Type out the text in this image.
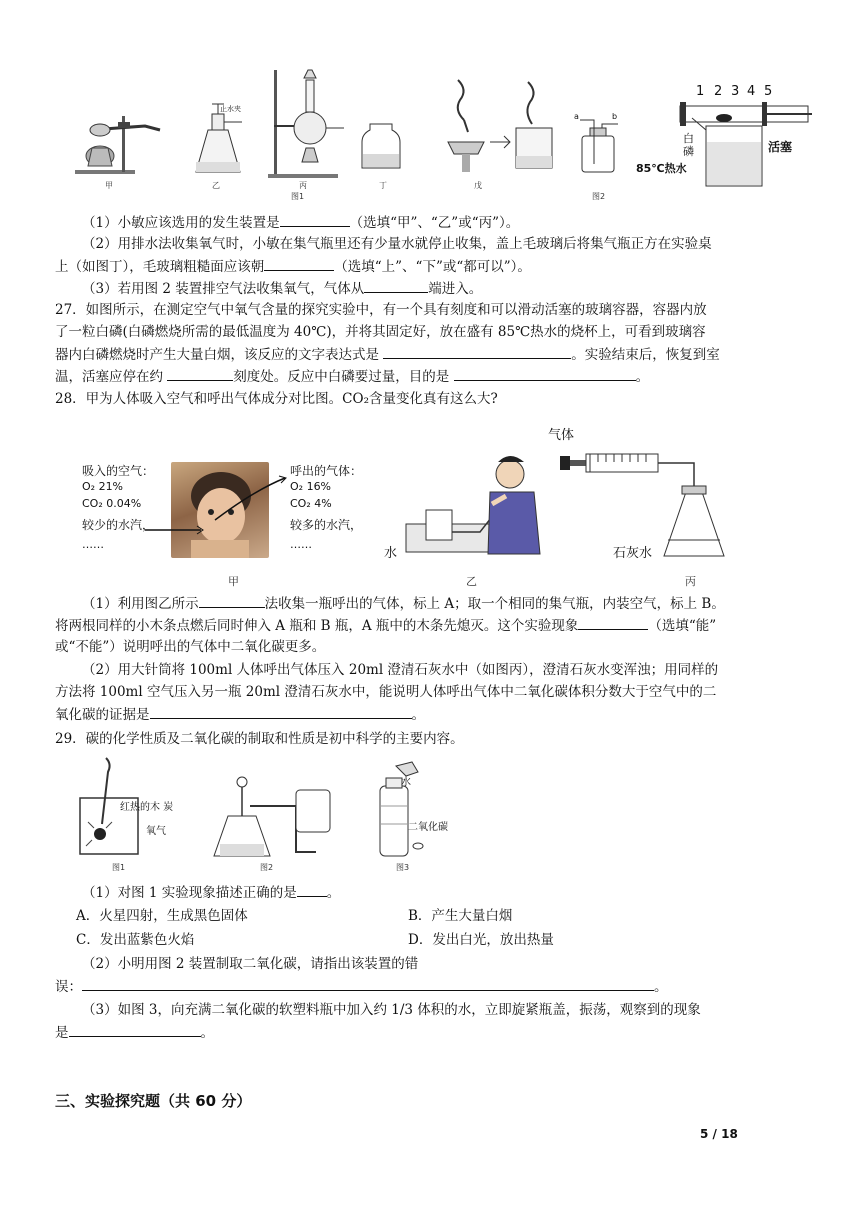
甲
止水夹
乙	丙
图1
丁	戊
a	b
图2
1 2 3 4 5
白
磷	活塞
85℃热水
（1）小敏应该选用的发生装置是	（选填“甲”、“乙”或“丙”）。
（2）用排水法收集氧气时，小敏在集气瓶里还有少量水就停止收集，盖上毛玻璃后将集气瓶正方在实验桌
上（如图丁），毛玻璃粗糙面应该朝	（选填“上”、“下”或“都可以”）。
（3）若用图 2 装置排空气法收集氧气，气体从	端进入。
27．如图所示，在测定空气中氧气含量的探究实验中，有一个具有刻度和可以滑动活塞的玻璃容器，容器内放
了一粒白磷(白磷燃烧所需的最低温度为 40℃)，并将其固定好，放在盛有 85℃热水的烧杯上，可看到玻璃容
器内白磷燃烧时产生大量白烟，该反应的文字表达式是	。实验结束后，恢复到室
温，活塞应停在约	刻度处。反应中白磷要过量，目的是	。
28．甲为人体吸入空气和呼出气体成分对比图。CO₂含量变化真有这么大?
吸入的空气：
O₂ 21%
CO₂ 0.04%
较少的水汽，
……
呼出的气体：
O₂ 16%
CO₂ 4%
较多的水汽，
……
甲
水
乙
气体
石灰水
丙
（1）利用图乙所示	法收集一瓶呼出的气体，标上 A；取一个相同的集气瓶，内装空气，标上 B。
将两根同样的小木条点燃后同时伸入 A 瓶和 B 瓶，A 瓶中的木条先熄灭。这个实验现象	（选填“能”
或“不能”）说明呼出的气体中二氧化碳更多。
（2）用大针筒将 100ml 人体呼出气体压入 20ml 澄清石灰水中（如图丙），澄清石灰水变浑浊；用同样的
方法将 100ml 空气压入另一瓶 20ml 澄清石灰水中，能说明人体呼出气体中二氧化碳体积分数大于空气中的二
氧化碳的证据是	。
29．碳的化学性质及二氧化碳的制取和性质是初中科学的主要内容。
红热的木 炭
氧气
图1	图2
水
二氧化碳
图3
（1）对图 1 实验现象描述正确的是 。
A．火星四射，生成黑色固体	B．产生大量白烟
C．发出蓝紫色火焰	D．发出白光，放出热量
（2）小明用图 2 装置制取二氧化碳，请指出该装置的错
误：	。
（3）如图 3，向充满二氧化碳的软塑料瓶中加入约 1/3 体积的水，立即旋紧瓶盖，振荡，观察到的现象
是	。
三、实验探究题（共 60 分）
5 / 18
